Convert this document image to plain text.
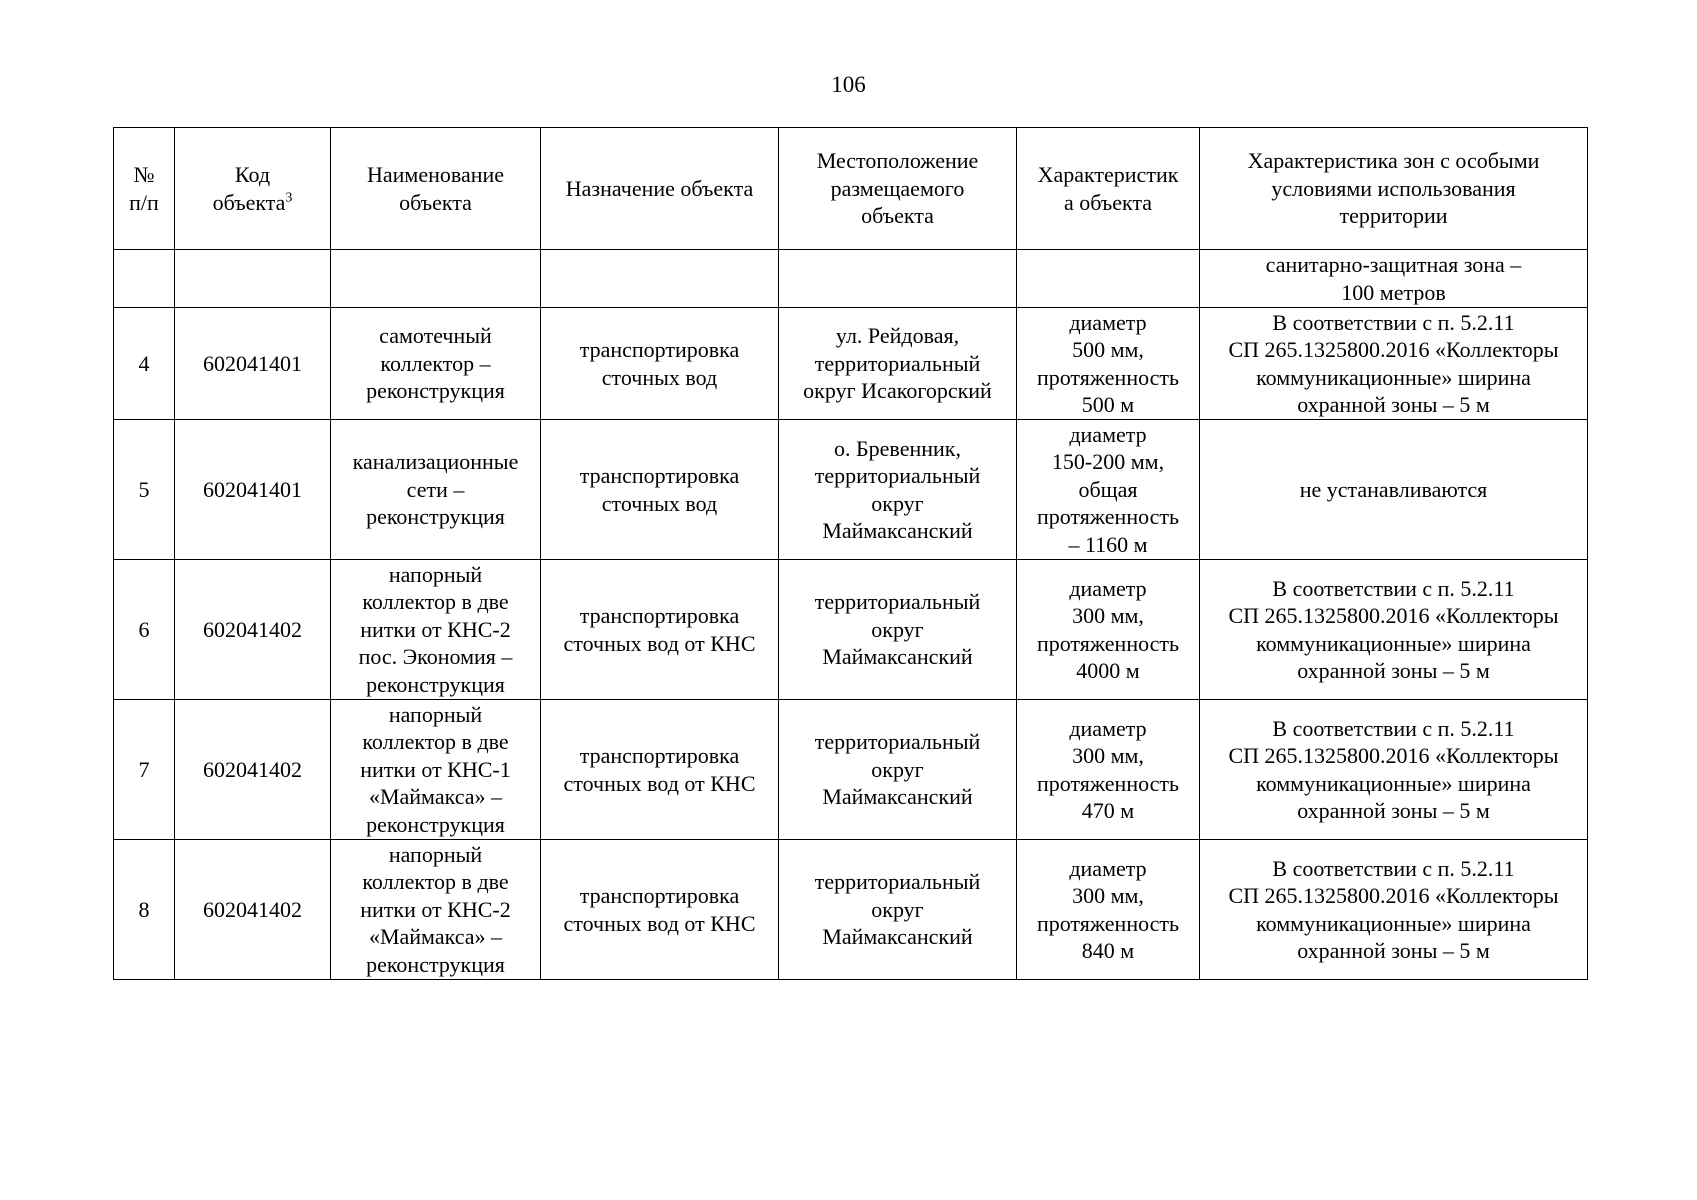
106
№
п/п	Код
объекта$^3$	Наименование
объекта	Назначение объекта	Местоположение
размещаемого
объекта	Характеристик
а объекта	Характеристика зон с особыми
условиями использования
территории

						санитарно-защитная зона –
100 метров

4	602041401	самотечный
коллектор –
реконструкция	транспортировка
сточных вод	ул. Рейдовая,
территориальный
округ Исакогорский	диаметр
500 мм,
протяженность
500 м	В соответствии с п. 5.2.11
СП 265.1325800.2016 «Коллекторы
коммуникационные» ширина
охранной зоны – 5 м

5	602041401	канализационные
сети –
реконструкция	транспортировка
сточных вод	о. Бревенник,
территориальный
округ
Маймаксанский	диаметр
150-200 мм,
общая
протяженность
– 1160 м	не устанавливаются

6	602041402	напорный
коллектор в две
нитки от КНС-2
пос. Экономия –
реконструкция	транспортировка
сточных вод от КНС	территориальный
округ
Маймаксанский	диаметр
300 мм,
протяженность
4000 м	В соответствии с п. 5.2.11
СП 265.1325800.2016 «Коллекторы
коммуникационные» ширина
охранной зоны – 5 м

7	602041402	напорный
коллектор в две
нитки от КНС-1
«Маймакса» –
реконструкция	транспортировка
сточных вод от КНС	территориальный
округ
Маймаксанский	диаметр
300 мм,
протяженность
470 м	В соответствии с п. 5.2.11
СП 265.1325800.2016 «Коллекторы
коммуникационные» ширина
охранной зоны – 5 м

8	602041402	напорный
коллектор в две
нитки от КНС-2
«Маймакса» –
реконструкция	транспортировка
сточных вод от КНС	территориальный
округ
Маймаксанский	диаметр
300 мм,
протяженность
840 м	В соответствии с п. 5.2.11
СП 265.1325800.2016 «Коллекторы
коммуникационные» ширина
охранной зоны – 5 м
